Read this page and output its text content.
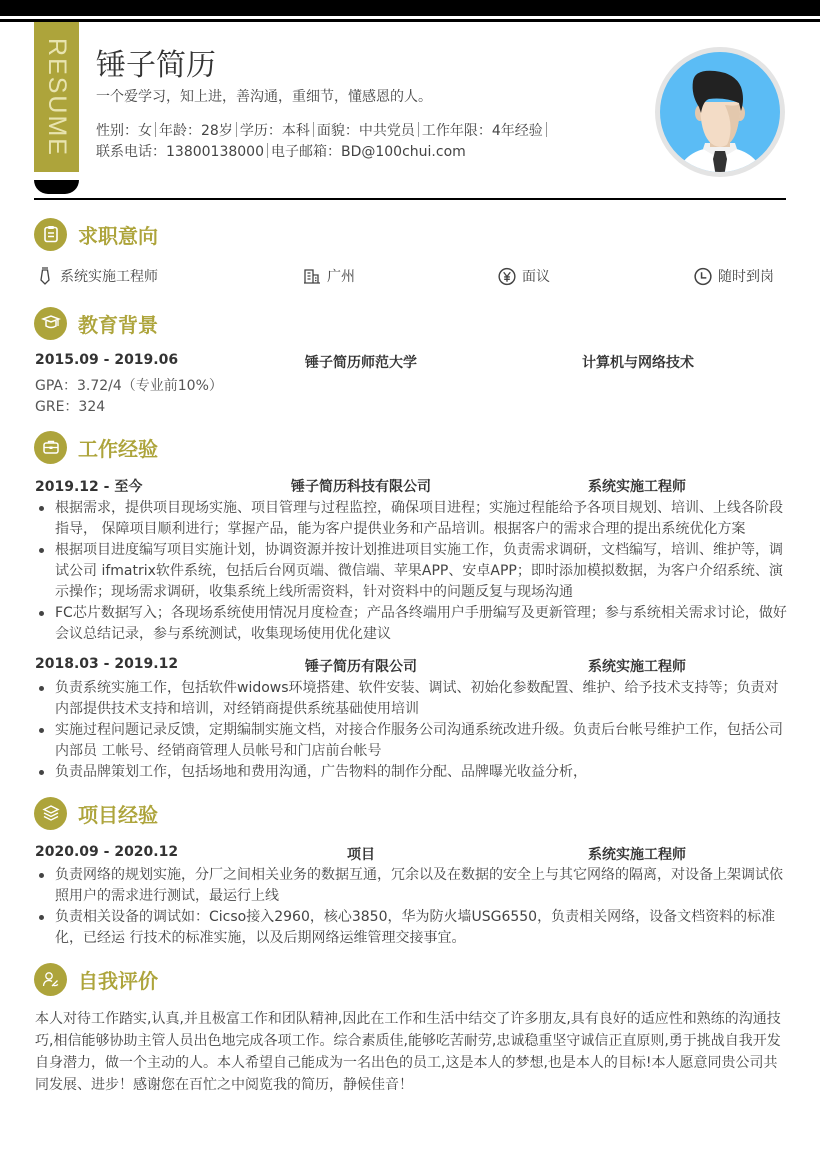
RESUME 锤子简历
一个爱学习，知上进，善沟通，重细节，懂感恩的人。
性别：女 年龄：28岁 学历：本科 面貌：中共党员 工作年限：4年经验
联系电话：13800138000 电子邮箱：BD@100chui.com
求职意向
系统实施工程师	广州	面议	随时到岗
教育背景
2015.09 - 2019.06	锤子简历师范大学	计算机与网络技术
GPA：3.72/4（专业前10%）
GRE：324
工作经验
2019.12 - 至今	锤子简历科技有限公司	系统实施工程师
根据需求，提供项目现场实施、项目管理与过程监控，确保项目进程；实施过程能给予各项目规划、培训、上线各阶段指导， 保障项目顺利进行；掌握产品，能为客户提供业务和产品培训。根据客户的需求合理的提出系统优化方案
根据项目进度编写项目实施计划，协调资源并按计划推进项目实施工作，负责需求调研，文档编写，培训、维护等，调试公司 ifmatrix软件系统，包括后台网页端、微信端、苹果APP、安卓APP；即时添加模拟数据，为客户介绍系统、演示操作；现场需求调研，收集系统上线所需资料，针对资料中的问题反复与现场沟通
FC芯片数据写入；各现场系统使用情况月度检查；产品各终端用户手册编写及更新管理；参与系统相关需求讨论，做好会议总结记录，参与系统测试，收集现场使用优化建议
2018.03 - 2019.12	锤子简历有限公司	系统实施工程师
负责系统实施工作，包括软件widows环境搭建、软件安装、调试、初始化参数配置、维护、给予技术支持等；负责对内部提供技术支持和培训，对经销商提供系统基础使用培训
实施过程问题记录反馈，定期编制实施文档，对接合作服务公司沟通系统改进升级。负责后台帐号维护工作，包括公司内部员 工帐号、经销商管理人员帐号和门店前台帐号
负责品牌策划工作，包括场地和费用沟通，广告物料的制作分配、品牌曝光收益分析，
项目经验
2020.09 - 2020.12	项目	系统实施工程师
负责网络的规划实施，分厂之间相关业务的数据互通，冗余以及在数据的安全上与其它网络的隔离，对设备上架调试依照用户的需求进行测试，最运行上线
负责相关设备的调试如：Cicso接入2960，核心3850，华为防火墙USG6550，负责相关网络，设备文档资料的标准化，已经运 行技术的标准实施，以及后期网络运维管理交接事宜。
自我评价
本人对待工作踏实,认真,并且极富工作和团队精神,因此在工作和生活中结交了许多朋友,具有良好的适应性和熟练的沟通技巧,相信能够协助主管人员出色地完成各项工作。综合素质佳,能够吃苦耐劳,忠诚稳重坚守诚信正直原则,勇于挑战自我开发自身潜力，做一个主动的人。本人希望自己能成为一名出色的员工,这是本人的梦想,也是本人的目标!本人愿意同贵公司共同发展、进步！感谢您在百忙之中阅览我的简历，静候佳音！
